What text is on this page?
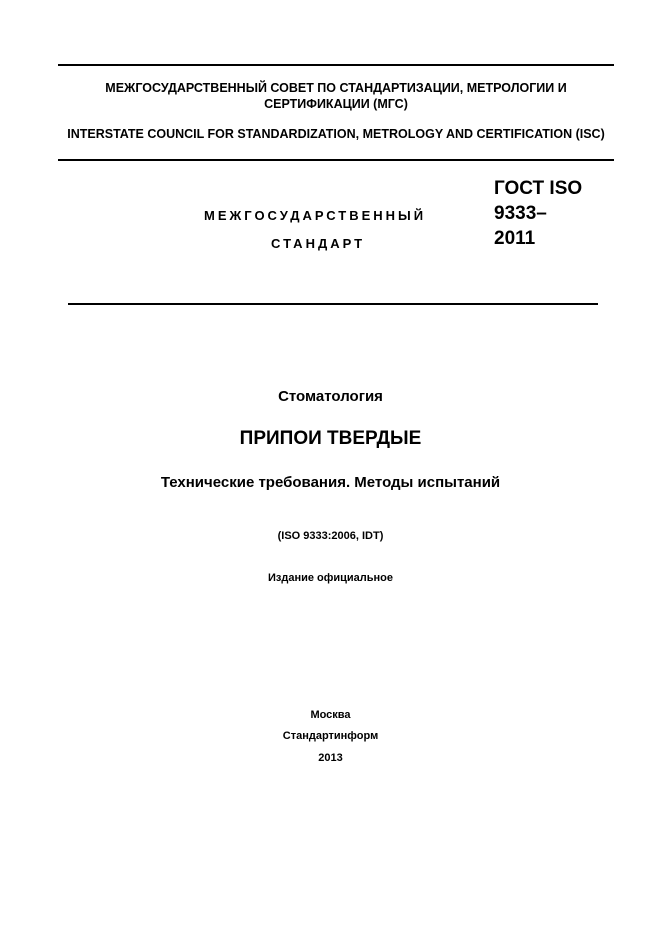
МЕЖГОСУДАРСТВЕННЫЙ СОВЕТ ПО СТАНДАРТИЗАЦИИ, МЕТРОЛОГИИ И СЕРТИФИКАЦИИ (МГС)
INTERSTATE COUNCIL FOR STANDARDIZATION, METROLOGY AND CERTIFICATION (ISC)
МЕЖГОСУДАРСТВЕННЫЙ
СТАНДАРТ
ГОСТ ISO
9333–
2011
Стоматология
ПРИПОИ ТВЕРДЫЕ
Технические требования. Методы испытаний
(ISO 9333:2006, IDT)
Издание официальное
Москва
Стандартинформ
2013
